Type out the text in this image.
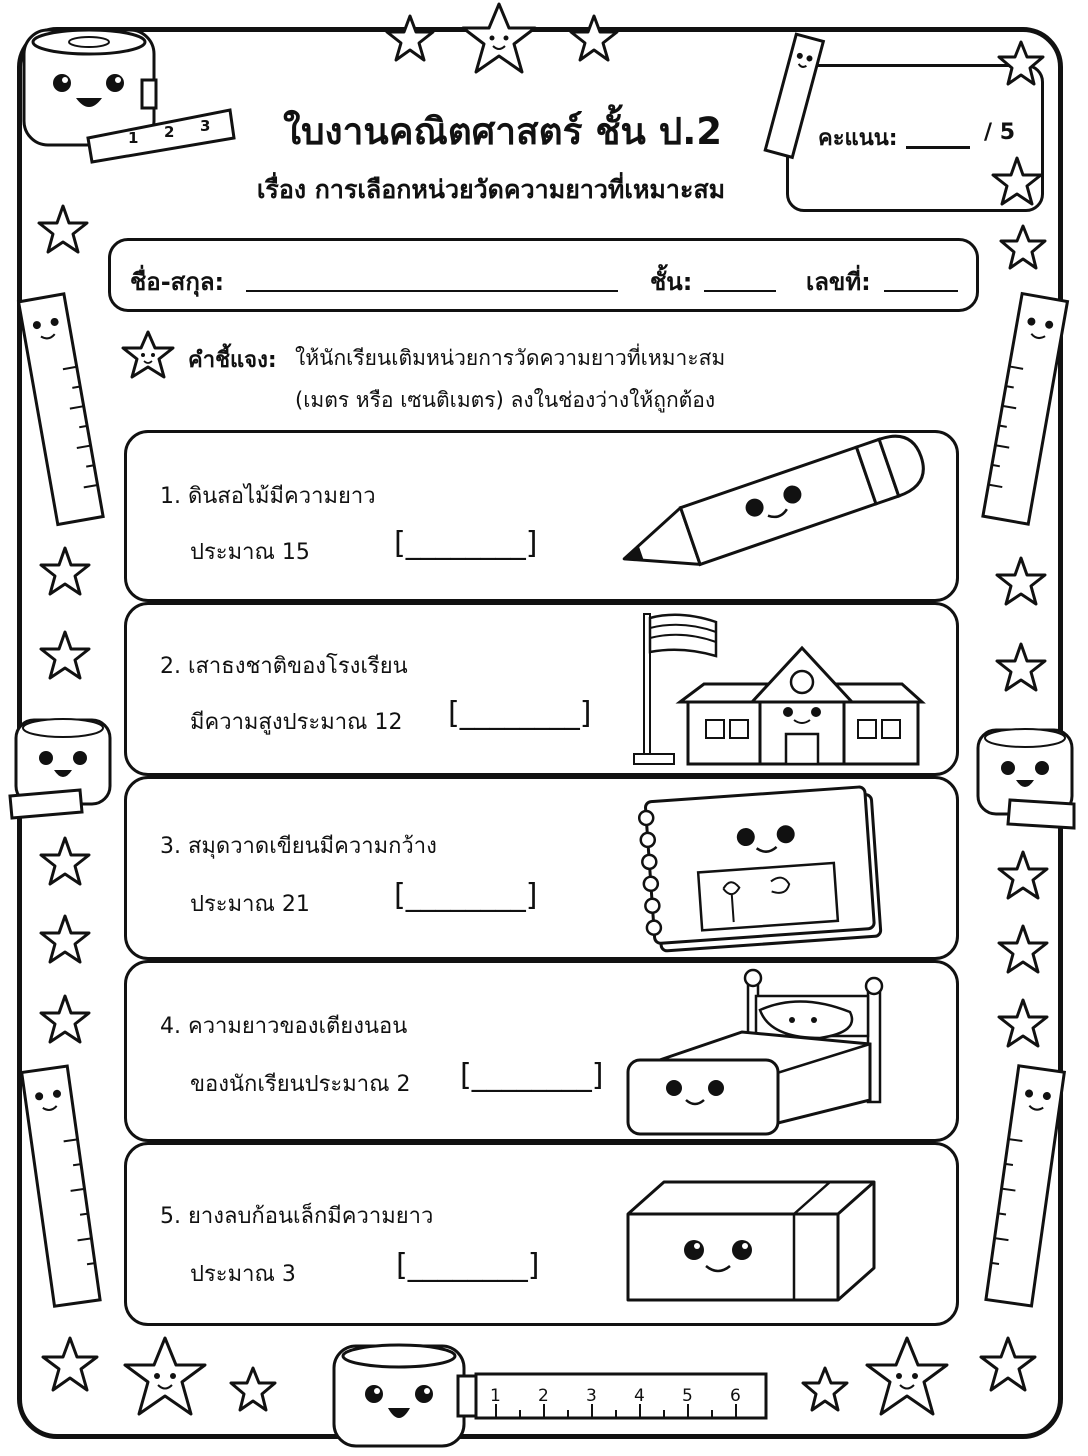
1 2 3	ใบงานคณิตศาสตร์ ชั้น ป.2
เรื่อง การเลือกหน่วยวัดความยาวที่เหมาะสม
คะแนน:	/ 5
ชื่อ-สกุล:	ชั้น:	เลขที่:
คำชี้แจง: ให้นักเรียนเติมหน่วยการวัดความยาวที่เหมาะสม
(เมตร หรือ เซนติเมตร) ลงในช่องว่างให้ถูกต้อง
1. ดินสอไม้มีความยาว
ประมาณ 15	[________]
2. เสาธงชาติของโรงเรียน
มีความสูงประมาณ 12 [________]
3. สมุดวาดเขียนมีความกว้าง
ประมาณ 21	[________]
4. ความยาวของเตียงนอน
ของนักเรียนประมาณ 2 [________]
5. ยางลบก้อนเล็กมีความยาว
ประมาณ 3	[________]
1 2 3 4 5 6
